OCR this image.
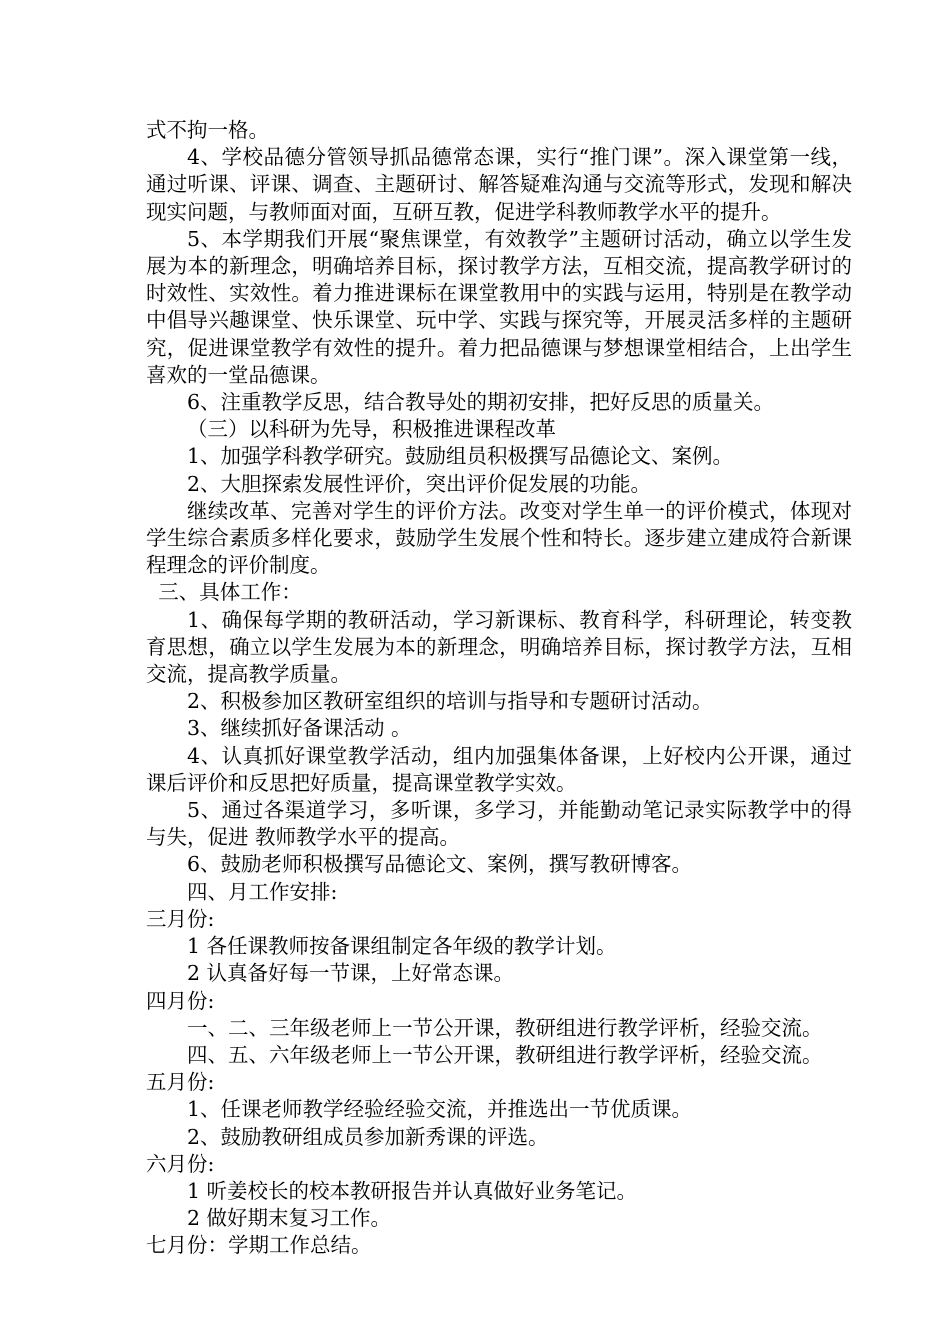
式不拘一格。

4、学校品德分管领导抓品德常态课，实行“推门课”。深入课堂第一线，通过听课、评课、调查、主题研讨、解答疑难沟通与交流等形式，发现和解决现实问题，与教师面对面，互研互教，促进学科教师教学水平的提升。

5、本学期我们开展“聚焦课堂，有效教学”主题研讨活动，确立以学生发展为本的新理念，明确培养目标，探讨教学方法，互相交流，提高教学研讨的时效性、实效性。着力推进课标在课堂教用中的实践与运用，特别是在教学动中倡导兴趣课堂、快乐课堂、玩中学、实践与探究等，开展灵活多样的主题研究，促进课堂教学有效性的提升。着力把品德课与梦想课堂相结合，上出学生喜欢的一堂品德课。

6、注重教学反思，结合教导处的期初安排，把好反思的质量关。

（三）以科研为先导，积极推进课程改革

1、加强学科教学研究。鼓励组员积极撰写品德论文、案例。

2、大胆探索发展性评价，突出评价促发展的功能。

继续改革、完善对学生的评价方法。改变对学生单一的评价模式，体现对学生综合素质多样化要求，鼓励学生发展个性和特长。逐步建立建成符合新课程理念的评价制度。

三、具体工作：

1、确保每学期的教研活动，学习新课标、教育科学，科研理论，转变教育思想，确立以学生发展为本的新理念，明确培养目标，探讨教学方法，互相交流，提高教学质量。

2、积极参加区教研室组织的培训与指导和专题研讨活动。

3、继续抓好备课活动 。

4、认真抓好课堂教学活动，组内加强集体备课，上好校内公开课，通过课后评价和反思把好质量，提高课堂教学实效。

5、通过各渠道学习，多听课，多学习，并能勤动笔记录实际教学中的得与失，促进 教师教学水平的提高。

6、鼓励老师积极撰写品德论文、案例，撰写教研博客。

四、月工作安排:

三月份:

1 各任课教师按备课组制定各年级的教学计划。

2 认真备好每一节课，上好常态课。

四月份:

一、二、三年级老师上一节公开课，教研组进行教学评析，经验交流。

四、五、六年级老师上一节公开课，教研组进行教学评析，经验交流。

五月份:

1、任课老师教学经验经验交流，并推选出一节优质课。

2、鼓励教研组成员参加新秀课的评选。

六月份:

1 听姜校长的校本教研报告并认真做好业务笔记。

2 做好期末复习工作。

七月份：学期工作总结。
